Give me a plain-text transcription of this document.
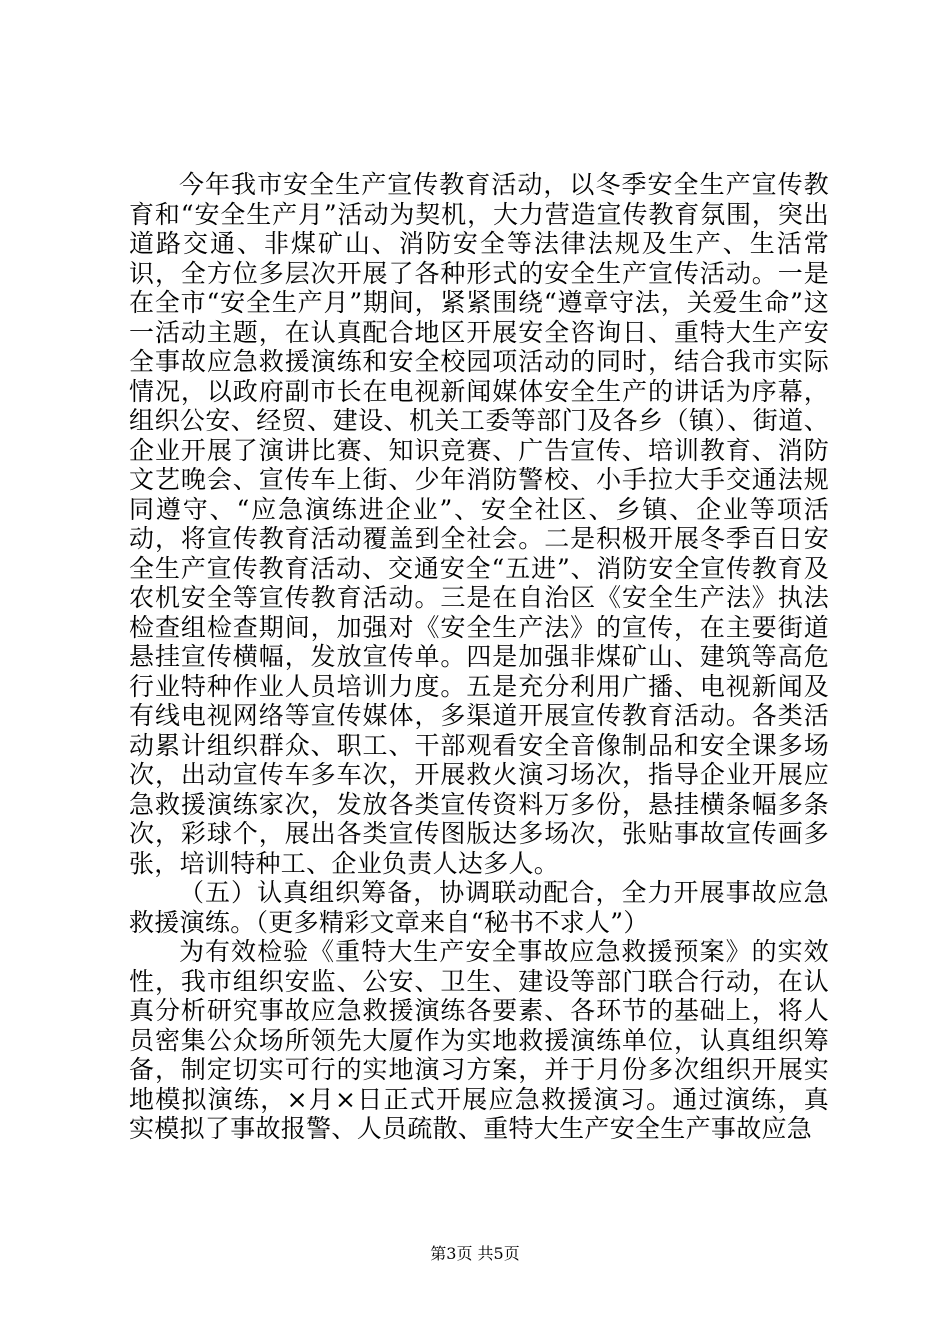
今年我市安全生产宣传教育活动，以冬季安全生产宣传教育和“安全生产月”活动为契机，大力营造宣传教育氛围，突出道路交通、非煤矿山、消防安全等法律法规及生产、生活常识，全方位多层次开展了各种形式的安全生产宣传活动。一是在全市“安全生产月”期间，紧紧围绕“遵章守法，关爱生命”这一活动主题，在认真配合地区开展安全咨询日、重特大生产安全事故应急救援演练和安全校园项活动的同时，结合我市实际情况，以政府副市长在电视新闻媒体安全生产的讲话为序幕，组织公安、经贸、建设、机关工委等部门及各乡（镇）、街道、企业开展了演讲比赛、知识竞赛、广告宣传、培训教育、消防文艺晚会、宣传车上街、少年消防警校、小手拉大手交通法规同遵守、“应急演练进企业”、安全社区、乡镇、企业等项活动，将宣传教育活动覆盖到全社会。二是积极开展冬季百日安全生产宣传教育活动、交通安全“五进”、消防安全宣传教育及农机安全等宣传教育活动。三是在自治区《安全生产法》执法检查组检查期间，加强对《安全生产法》的宣传，在主要街道悬挂宣传横幅，发放宣传单。四是加强非煤矿山、建筑等高危行业特种作业人员培训力度。五是充分利用广播、电视新闻及有线电视网络等宣传媒体，多渠道开展宣传教育活动。各类活动累计组织群众、职工、干部观看安全音像制品和安全课多场次，出动宣传车多车次，开展救火演习场次，指导企业开展应急救援演练家次，发放各类宣传资料万多份，悬挂横条幅多条次，彩球个，展出各类宣传图版达多场次，张贴事故宣传画多张，培训特种工、企业负责人达多人。

（五）认真组织筹备，协调联动配合，全力开展事故应急救援演练。（更多精彩文章来自“秘书不求人”）

为有效检验《重特大生产安全事故应急救援预案》的实效性，我市组织安监、公安、卫生、建设等部门联合行动，在认真分析研究事故应急救援演练各要素、各环节的基础上，将人员密集公众场所领先大厦作为实地救援演练单位，认真组织筹备，制定切实可行的实地演习方案，并于月份多次组织开展实地模拟演练，×月×日正式开展应急救援演习。通过演练，真实模拟了事故报警、人员疏散、重特大生产安全生产事故应急

第3页 共5页
